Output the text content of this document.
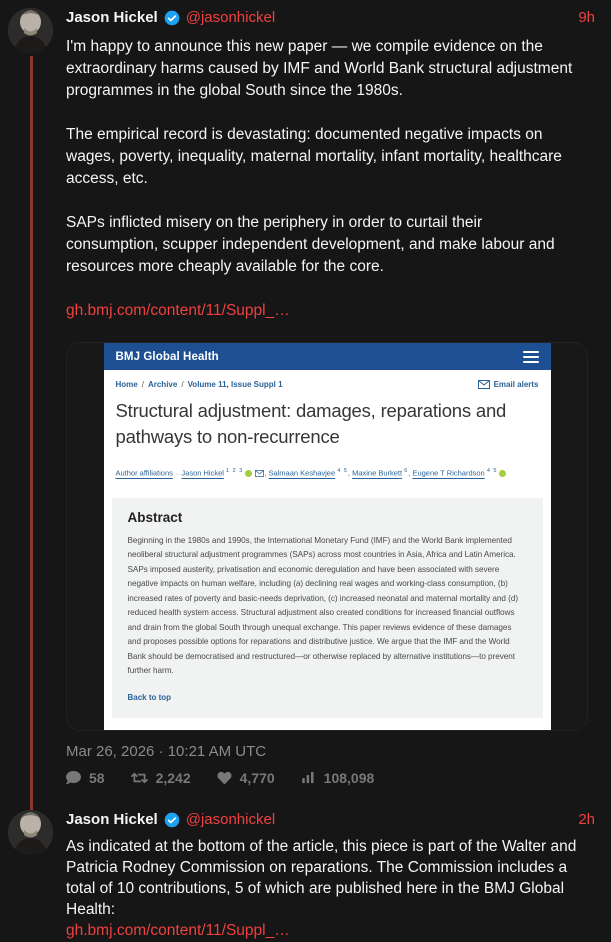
Jason Hickel @jasonhickel	9h

I'm happy to announce this new paper — we compile evidence on the extraordinary harms caused by IMF and World Bank structural adjustment programmes in the global South since the 1980s.

The empirical record is devastating: documented negative impacts on wages, poverty, inequality, maternal mortality, infant mortality, healthcare access, etc.

SAPs inflicted misery on the periphery in order to curtail their consumption, scupper independent development, and make labour and resources more cheaply available for the core.

gh.bmj.com/content/11/Suppl_…
BMJ Global Health
Home / Archive / Volume 11, Issue Suppl 1	Email alerts
Structural adjustment: damages, reparations and pathways to non-recurrence
Author affiliations · Jason Hickel $^{1 2 3}$	, Salmaan Keshavjee $^{4 5}$, Maxine Burkett $^6$, Eugene T Richardson $^{4 5}$
Abstract

Beginning in the 1980s and 1990s, the International Monetary Fund (IMF) and the World Bank implemented neoliberal structural adjustment programmes (SAPs) across most countries in Asia, Africa and Latin America. SAPs imposed austerity, privatisation and economic deregulation and have been associated with severe negative impacts on human welfare, including (a) declining real wages and working-class consumption, (b) increased rates of poverty and basic-needs deprivation, (c) increased neonatal and maternal mortality and (d) reduced health system access. Structural adjustment also created conditions for increased financial outflows and drain from the global South through unequal exchange. This paper reviews evidence of these damages and proposes possible options for reparations and distributive justice. We argue that the IMF and the World Bank should be democratised and restructured—or otherwise replaced by alternative institutions—to prevent further harm.

Back to top
Mar 26, 2026 · 10:21 AM UTC
58	2,242	4,770	108,098
Jason Hickel @jasonhickel	2h

As indicated at the bottom of the article, this piece is part of the Walter and Patricia Rodney Commission on reparations. The Commission includes a total of 10 contributions, 5 of which are published here in the BMJ Global Health:

gh.bmj.com/content/11/Suppl_…
